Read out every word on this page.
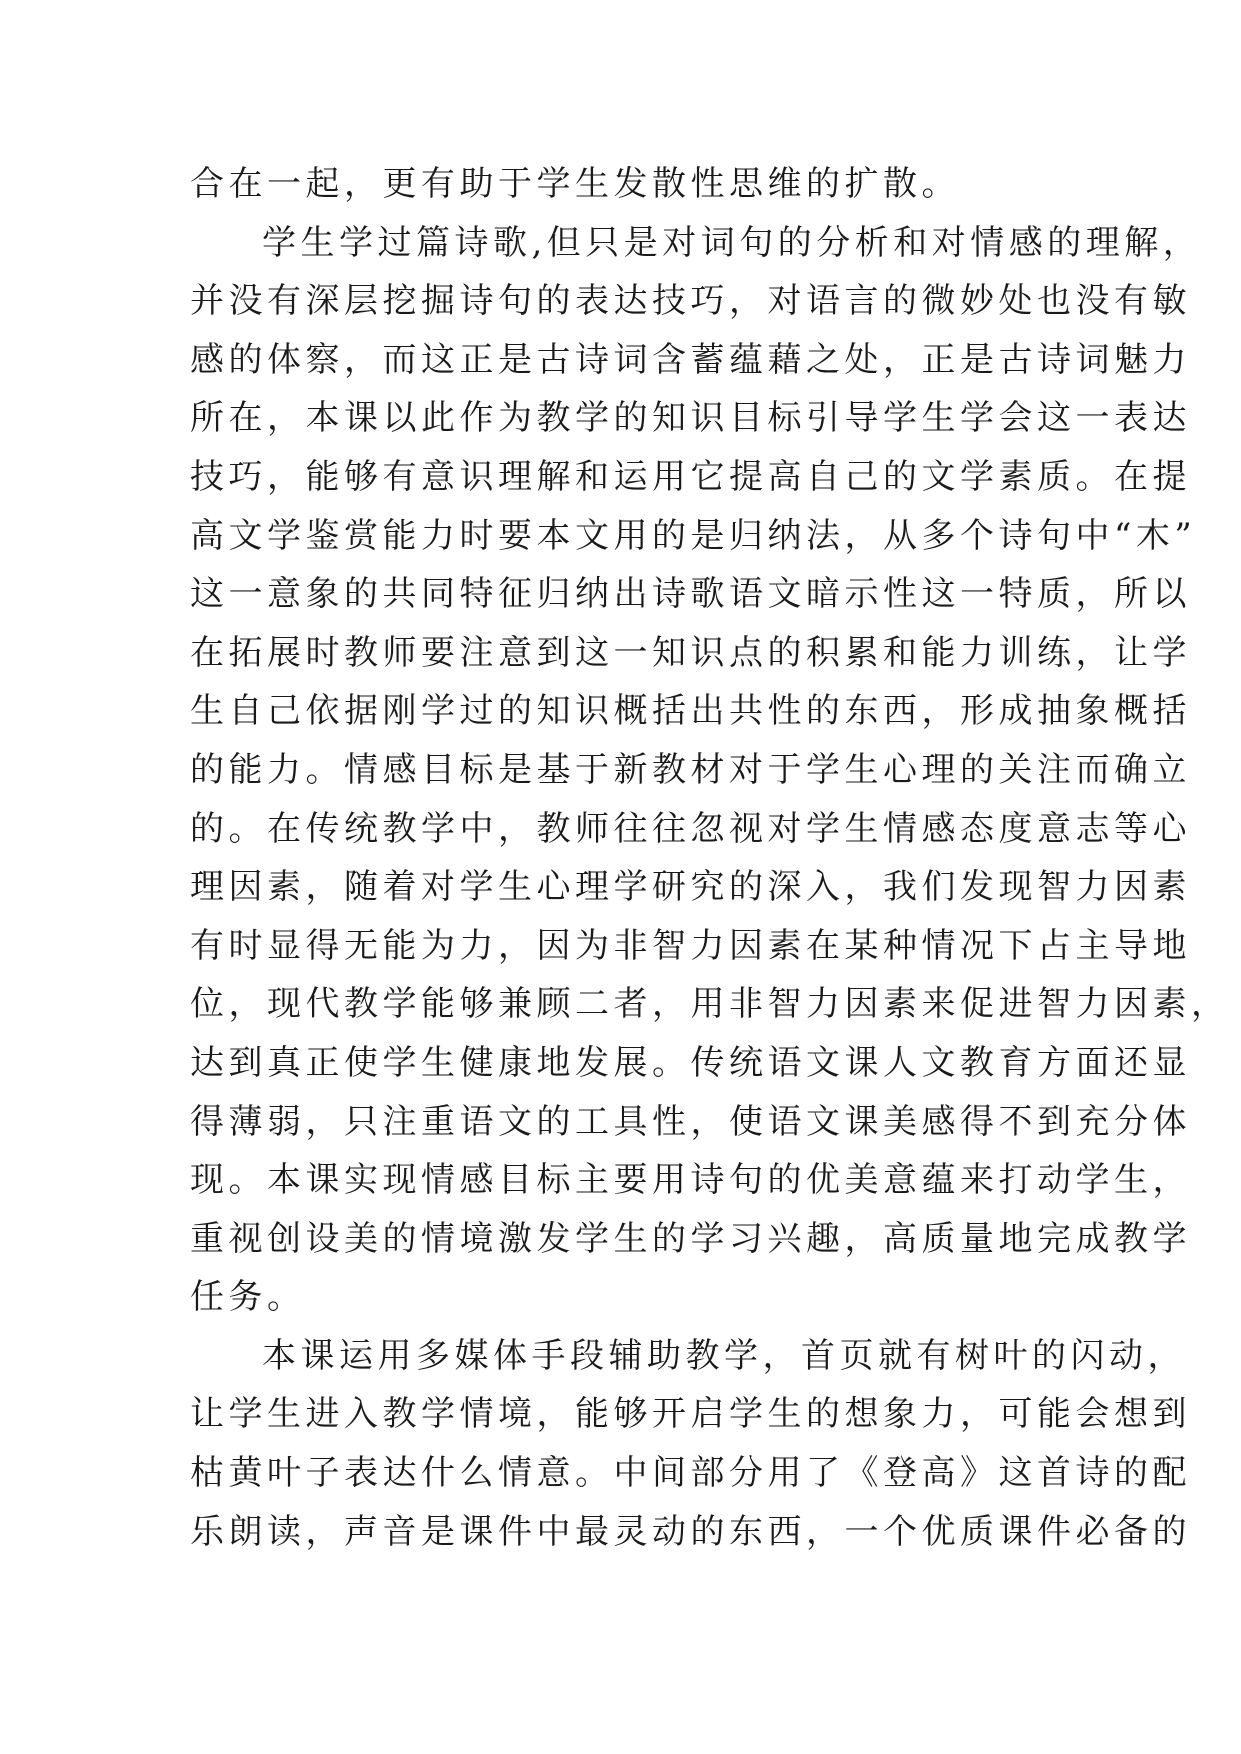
合在一起，更有助于学生发散性思维的扩散。
学生学过篇诗歌,但只是对词句的分析和对情感的理解，
并没有深层挖掘诗句的表达技巧，对语言的微妙处也没有敏
感的体察，而这正是古诗词含蓄蕴藉之处，正是古诗词魅力
所在，本课以此作为教学的知识目标引导学生学会这一表达
技巧，能够有意识理解和运用它提高自己的文学素质。在提
高文学鉴赏能力时要本文用的是归纳法，从多个诗句中“木”
这一意象的共同特征归纳出诗歌语文暗示性这一特质，所以
在拓展时教师要注意到这一知识点的积累和能力训练，让学
生自己依据刚学过的知识概括出共性的东西，形成抽象概括
的能力。情感目标是基于新教材对于学生心理的关注而确立
的。在传统教学中，教师往往忽视对学生情感态度意志等心
理因素，随着对学生心理学研究的深入，我们发现智力因素
有时显得无能为力，因为非智力因素在某种情况下占主导地
位，现代教学能够兼顾二者，用非智力因素来促进智力因素，
达到真正使学生健康地发展。传统语文课人文教育方面还显
得薄弱，只注重语文的工具性，使语文课美感得不到充分体
现。本课实现情感目标主要用诗句的优美意蕴来打动学生，
重视创设美的情境激发学生的学习兴趣，高质量地完成教学
任务。
本课运用多媒体手段辅助教学，首页就有树叶的闪动，
让学生进入教学情境，能够开启学生的想象力，可能会想到
枯黄叶子表达什么情意。中间部分用了《登高》这首诗的配
乐朗读，声音是课件中最灵动的东西，一个优质课件必备的
